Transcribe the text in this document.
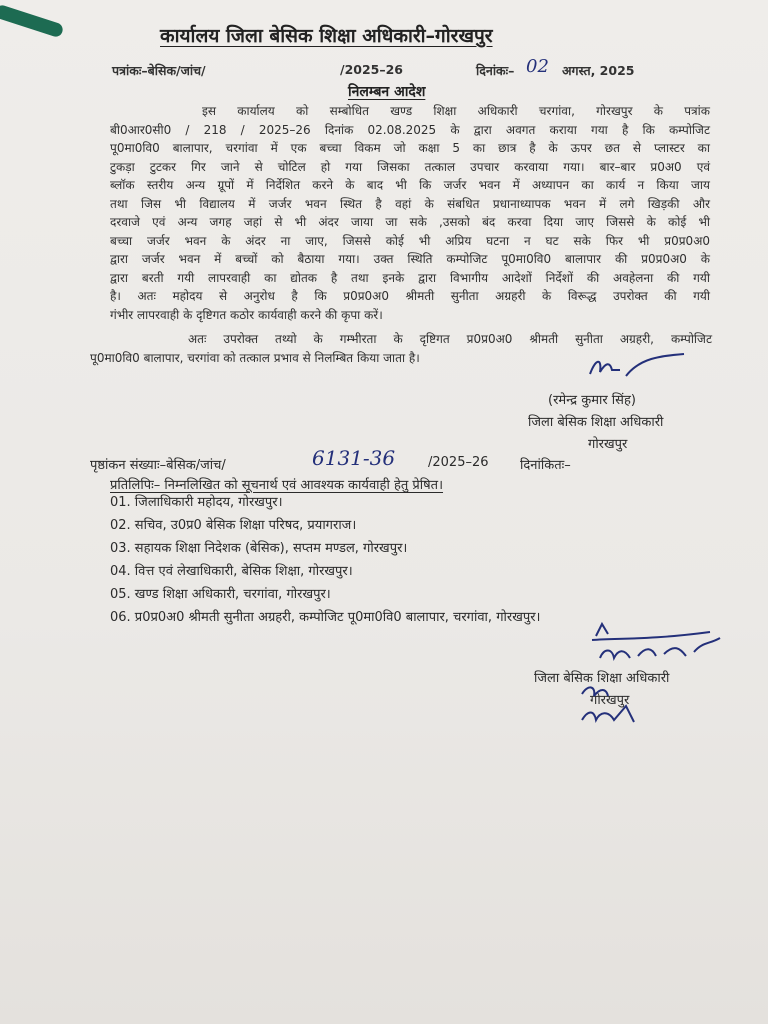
कार्यालय जिला बेसिक शिक्षा अधिकारी–गोरखपुर
पत्रांकः–बेसिक/जांच/	/2025–26	दिनांकः– 02 अगस्त, 2025
निलम्बन आदेश
इस कार्यालय को सम्बोधित खण्ड शिक्षा अधिकारी चरगांवा, गोरखपुर के पत्रांक
बी0आर0सी0 / 218 / 2025–26 दिनांक 02.08.2025 के द्वारा अवगत कराया गया है कि कम्पोजिट
पू0मा0वि0 बालापार, चरगांवा में एक बच्चा विकम जो कक्षा 5 का छात्र है के ऊपर छत से प्लास्टर का
टुकड़ा टुटकर गिर जाने से चोटिल हो गया जिसका तत्काल उपचार करवाया गया। बार–बार प्र0अ0 एवं
ब्लॉक स्तरीय अन्य ग्रूपों में निर्देशित करने के बाद भी कि जर्जर भवन में अध्यापन का कार्य न किया जाय
तथा जिस भी विद्यालय में जर्जर भवन स्थित है वहां के संबधित प्रधानाध्यापक भवन में लगे खिड़की और
दरवाजे एवं अन्य जगह जहां से भी अंदर जाया जा सके ,उसको बंद करवा दिया जाए जिससे के कोई भी
बच्चा जर्जर भवन के अंदर ना जाए, जिससे कोई भी अप्रिय घटना न घट सके फिर भी प्र0प्र0अ0
द्वारा जर्जर भवन में बच्चों को बैठाया गया। उक्त स्थिति कम्पोजिट पू0मा0वि0 बालापार की प्र0प्र0अ0 के
द्वारा बरती गयी लापरवाही का द्योतक है तथा इनके द्वारा विभागीय आदेशों निर्देशों की अवहेलना की गयी
है। अतः महोदय से अनुरोध है कि प्र0प्र0अ0 श्रीमती सुनीता अग्रहरी के विरूद्ध उपरोक्त की गयी
गंभीर लापरवाही के दृष्टिगत कठोर कार्यवाही करने की कृपा करें।
अतः उपरोक्त तथ्यो के गम्भीरता के दृष्टिगत प्र0प्र0अ0 श्रीमती सुनीता अग्रहरी, कम्पोजिट
पू0मा0वि0 बालापार, चरगांवा को तत्काल प्रभाव से निलम्बित किया जाता है।
(रमेन्द्र कुमार सिंह)
जिला बेसिक शिक्षा अधिकारी
गोरखपुर
पृष्ठांकन संख्याः–बेसिक/जांच/	6131-36	/2025–26 दिनांकितः–
प्रतिलिपिः– निम्नलिखित को सूचनार्थ एवं आवश्यक कार्यवाही हेतु प्रेषित।
01. जिलाधिकारी महोदय, गोरखपुर।
02. सचिव, उ0प्र0 बेसिक शिक्षा परिषद, प्रयागराज।
03. सहायक शिक्षा निदेशक (बेसिक), सप्तम मण्डल, गोरखपुर।
04. वित्त एवं लेखाधिकारी, बेसिक शिक्षा, गोरखपुर।
05. खण्ड शिक्षा अधिकारी, चरगांवा, गोरखपुर।
06. प्र0प्र0अ0 श्रीमती सुनीता अग्रहरी, कम्पोजिट पू0मा0वि0 बालापार, चरगांवा, गोरखपुर।
जिला बेसिक शिक्षा अधिकारी
गोरखपुर
